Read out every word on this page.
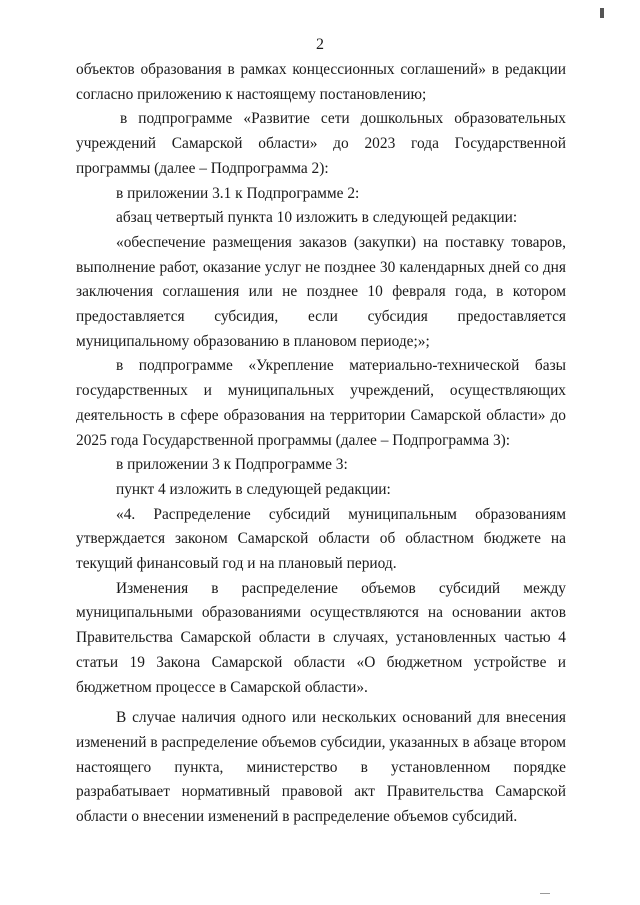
2

объектов образования в рамках концессионных соглашений» в редакции согласно приложению к настоящему постановлению;

в подпрограмме «Развитие сети дошкольных образовательных учреждений Самарской области» до 2023 года Государственной программы (далее – Подпрограмма 2):

в приложении 3.1 к Подпрограмме 2:

абзац четвертый пункта 10 изложить в следующей редакции:

«обеспечение размещения заказов (закупки) на поставку товаров, выполнение работ, оказание услуг не позднее 30 календарных дней со дня заключения соглашения или не позднее 10 февраля года, в котором предоставляется субсидия, если субсидия предоставляется муниципальному образованию в плановом периоде;»;

в подпрограмме «Укрепление материально-технической базы государственных и муниципальных учреждений, осуществляющих деятельность в сфере образования на территории Самарской области» до 2025 года Государственной программы (далее – Подпрограмма 3):

в приложении 3 к Подпрограмме 3:

пункт 4 изложить в следующей редакции:

«4. Распределение субсидий муниципальным образованиям утверждается законом Самарской области об областном бюджете на текущий финансовый год и на плановый период.

Изменения в распределение объемов субсидий между муниципальными образованиями осуществляются на основании актов Правительства Самарской области в случаях, установленных частью 4 статьи 19 Закона Самарской области «О бюджетном устройстве и бюджетном процессе в Самарской области».

В случае наличия одного или нескольких оснований для внесения изменений в распределение объемов субсидии, указанных в абзаце втором настоящего пункта, министерство в установленном порядке разрабатывает нормативный правовой акт Правительства Самарской области о внесении изменений в распределение объемов субсидий.
